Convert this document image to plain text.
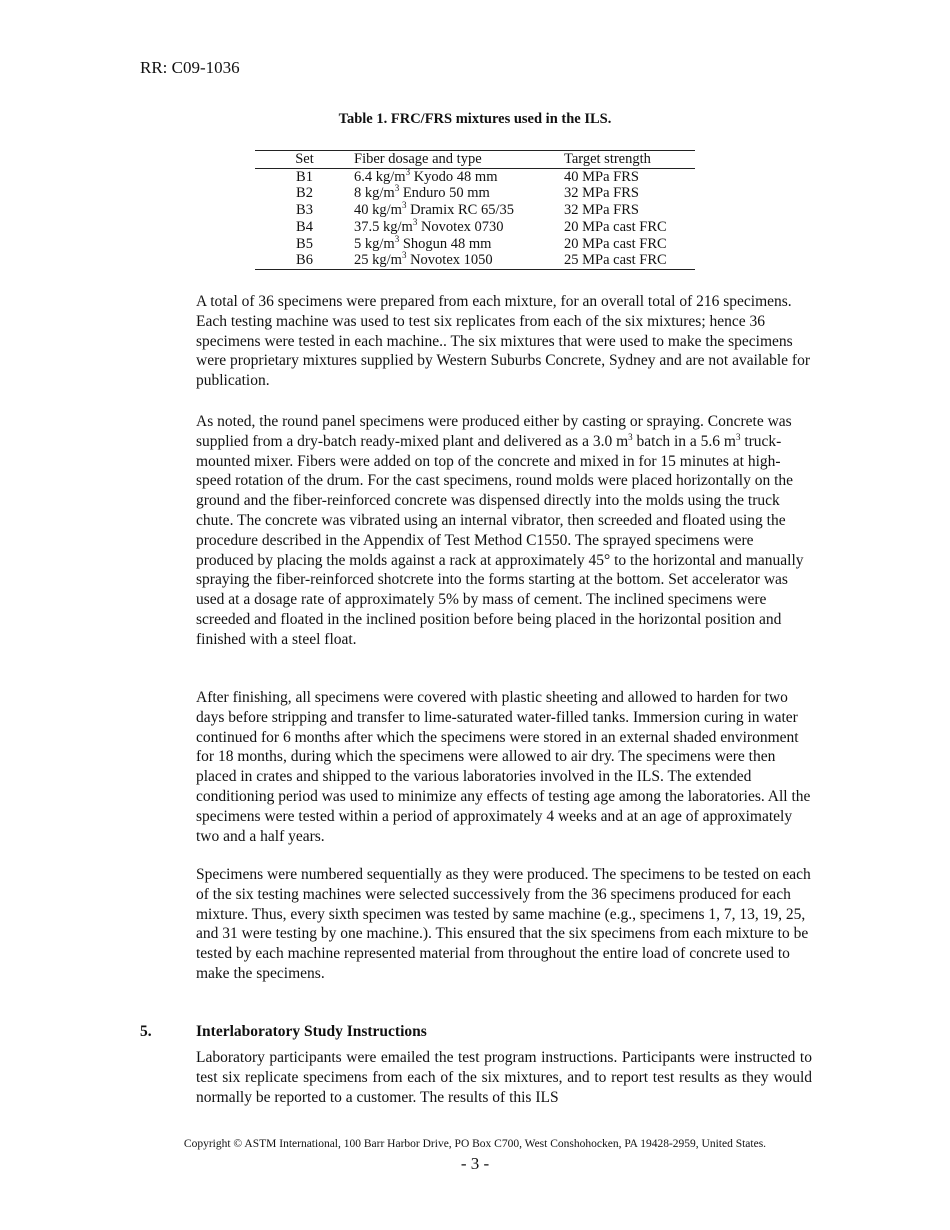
RR: C09-1036
Table 1. FRC/FRS mixtures used in the ILS.
Set	Fiber dosage and type	Target strength
B1	6.4 $kg/m^3$ Kyodo 48 mm	40 MPa FRS
B2	8 $kg/m^3$ Enduro 50 mm	32 MPa FRS
B3	40 $kg/m^3$ Dramix RC 65/35	32 MPa FRS
B4	37.5 $kg/m^3$ Novotex 0730	20 MPa cast FRC
B5	5 $kg/m^3$ Shogun 48 mm	20 MPa cast FRC
B6	25 $kg/m^3$ Novotex 1050	25 MPa cast FRC

A total of 36 specimens were prepared from each mixture, for an overall total of 216 specimens. Each testing machine was used to test six replicates from each of the six mixtures; hence 36 specimens were tested in each machine.. The six mixtures that were used to make the specimens were proprietary mixtures supplied by Western Suburbs Concrete, Sydney and are not available for publication.

As noted, the round panel specimens were produced either by casting or spraying. Concrete was supplied from a dry-batch ready-mixed plant and delivered as a 3.0 $m^3$ batch in a 5.6 $m^3$ truck-mounted mixer. Fibers were added on top of the concrete and mixed in for 15 minutes at high-speed rotation of the drum. For the cast specimens, round molds were placed horizontally on the ground and the fiber-reinforced concrete was dispensed directly into the molds using the truck chute. The concrete was vibrated using an internal vibrator, then screeded and floated using the procedure described in the Appendix of Test Method C1550. The sprayed specimens were produced by placing the molds against a rack at approximately 45° to the horizontal and manually spraying the fiber-reinforced shotcrete into the forms starting at the bottom. Set accelerator was used at a dosage rate of approximately 5% by mass of cement. The inclined specimens were screeded and floated in the inclined position before being placed in the horizontal position and finished with a steel float.

After finishing, all specimens were covered with plastic sheeting and allowed to harden for two days before stripping and transfer to lime-saturated water-filled tanks. Immersion curing in water continued for 6 months after which the specimens were stored in an external shaded environment for 18 months, during which the specimens were allowed to air dry. The specimens were then placed in crates and shipped to the various laboratories involved in the ILS. The extended conditioning period was used to minimize any effects of testing age among the laboratories. All the specimens were tested within a period of approximately 4 weeks and at an age of approximately two and a half years.

Specimens were numbered sequentially as they were produced. The specimens to be tested on each of the six testing machines were selected successively from the 36 specimens produced for each mixture. Thus, every sixth specimen was tested by same machine (e.g., specimens 1, 7, 13, 19, 25, and 31 were testing by one machine.). This ensured that the six specimens from each mixture to be tested by each machine represented material from throughout the entire load of concrete used to make the specimens.

5.	Interlaboratory Study Instructions

Laboratory participants were emailed the test program instructions. Participants were instructed to test six replicate specimens from each of the six mixtures, and to report test results as they would normally be reported to a customer. The results of this ILS

Copyright © ASTM International, 100 Barr Harbor Drive, PO Box C700, West Conshohocken, PA 19428-2959, United States.
- 3 -
